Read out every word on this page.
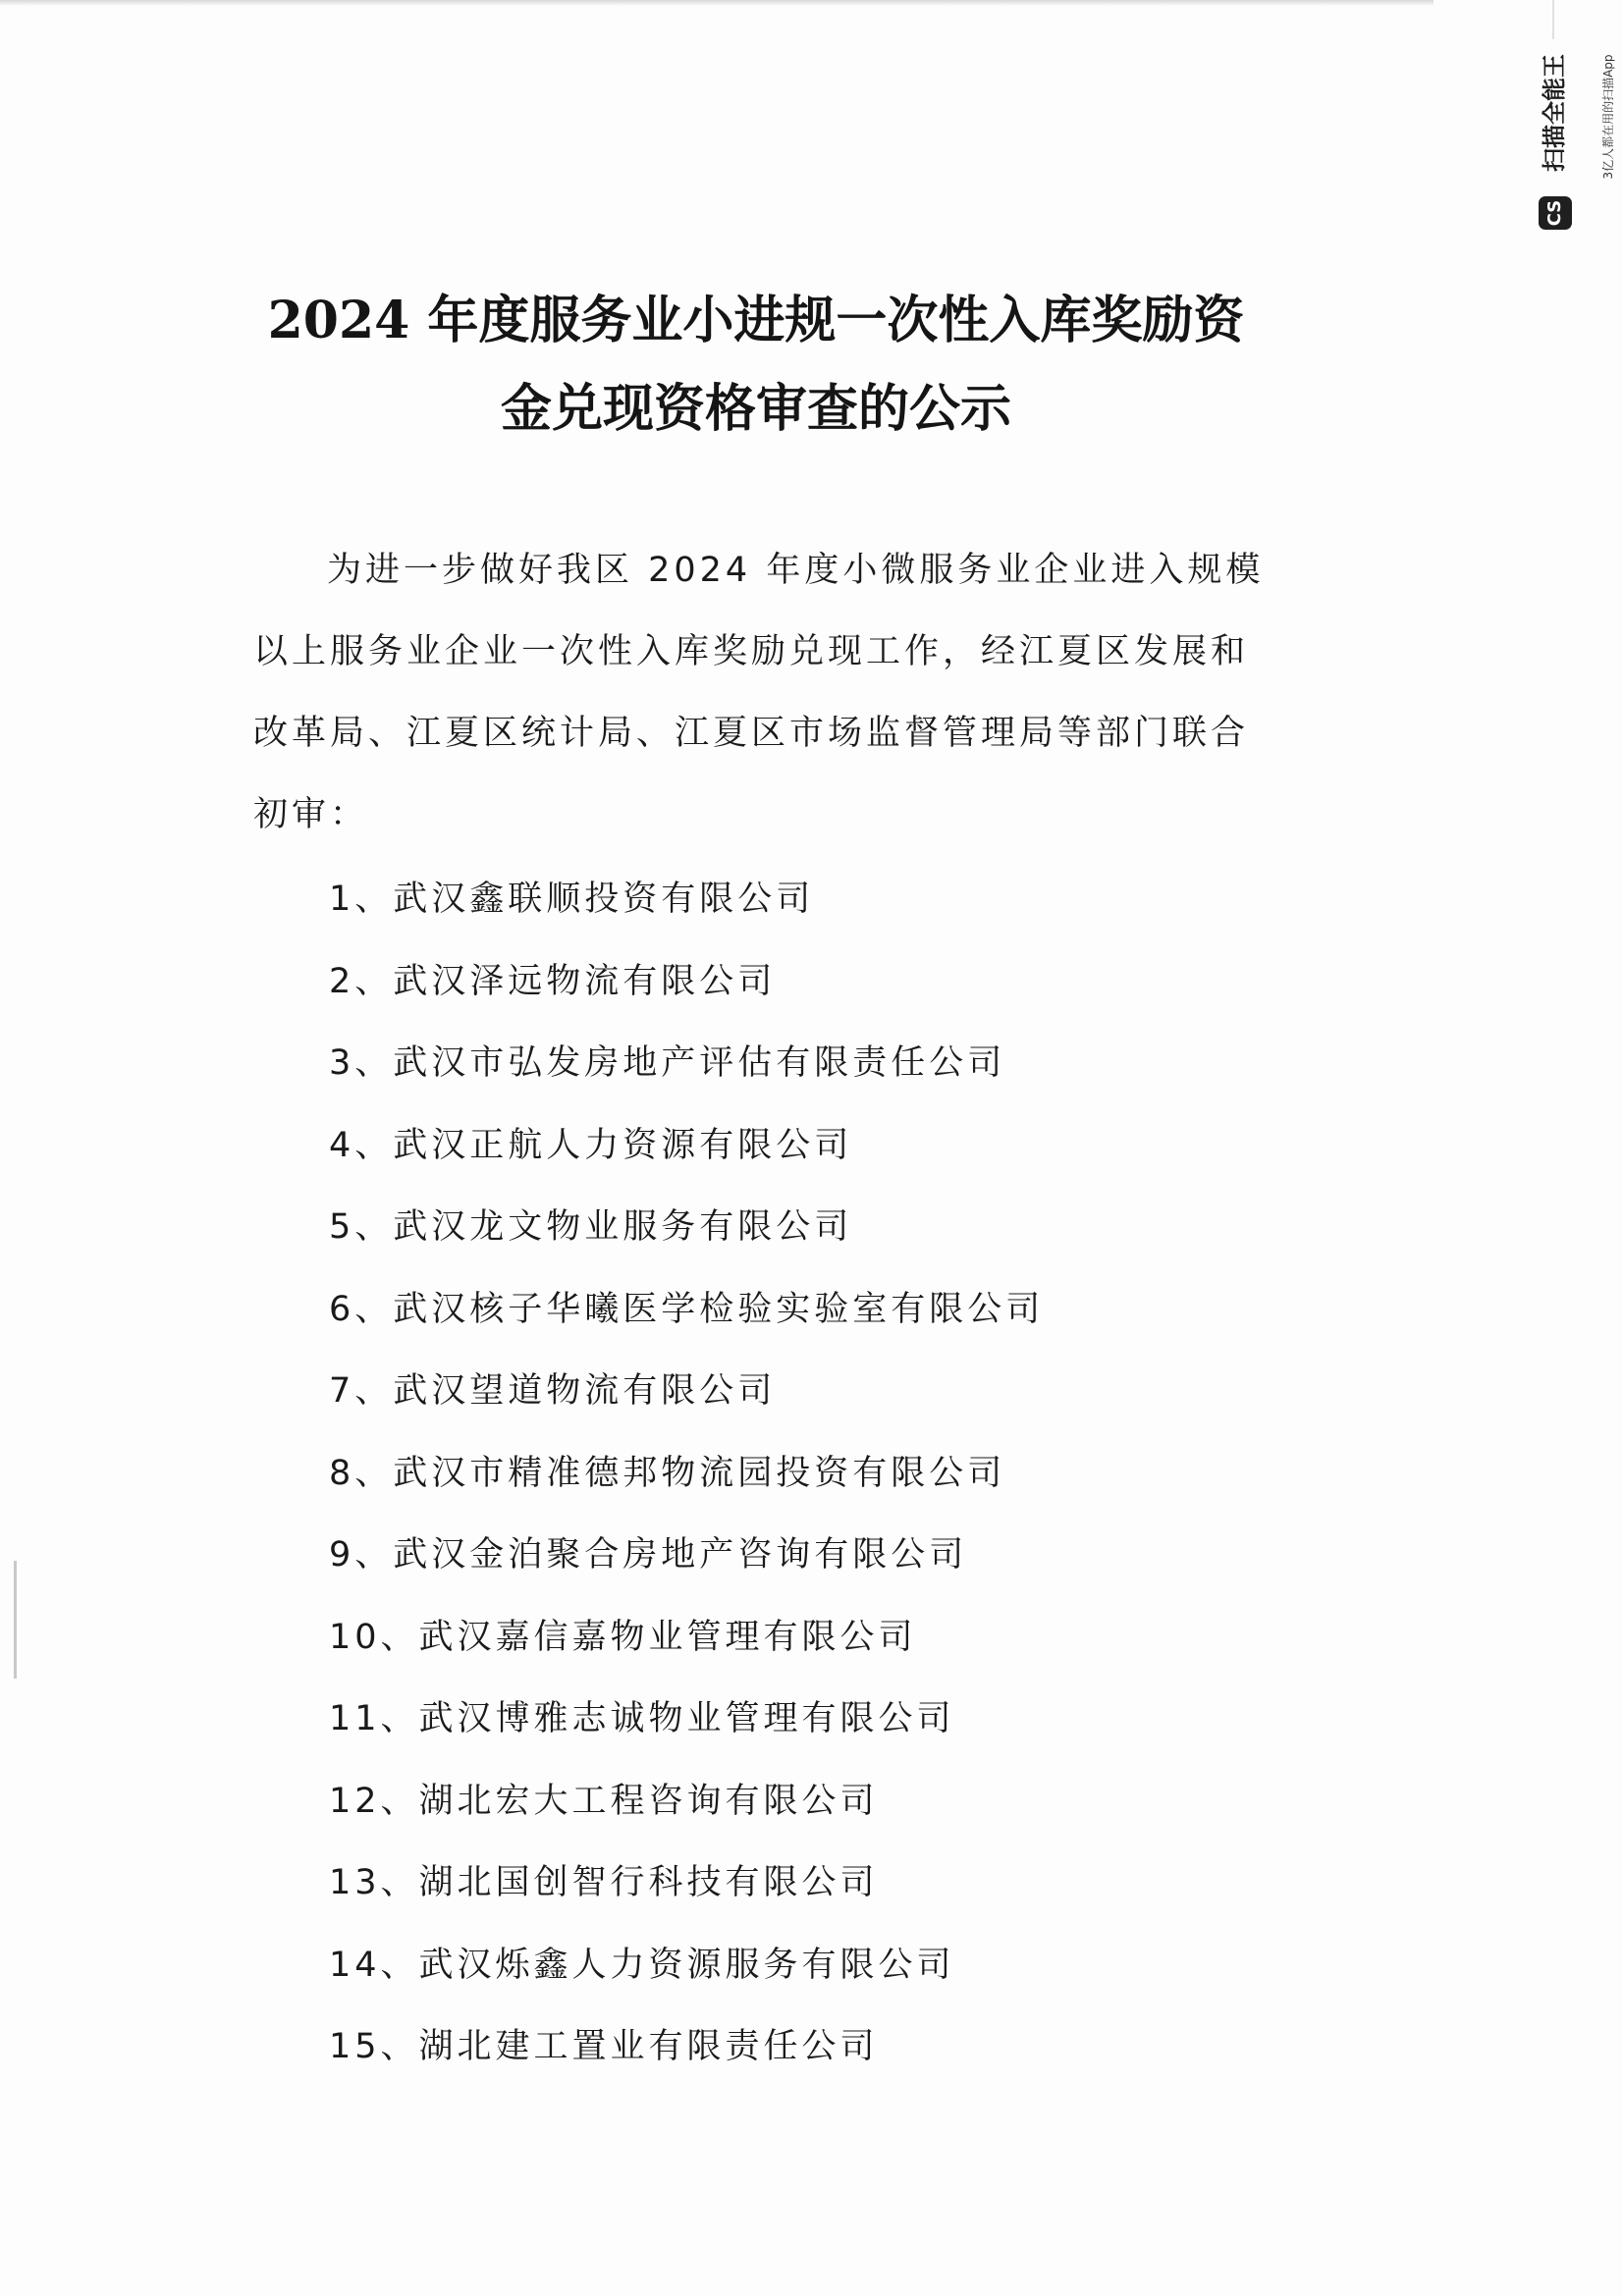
扫描全能王	3亿人都在用的扫描App
CS
2024 年度服务业小进规一次性入库奖励资
金兑现资格审查的公示
为进一步做好我区 2024 年度小微服务业企业进入规模
以上服务业企业一次性入库奖励兑现工作，经江夏区发展和
改革局、江夏区统计局、江夏区市场监督管理局等部门联合
初审：
1、武汉鑫联顺投资有限公司
2、武汉泽远物流有限公司
3、武汉市弘发房地产评估有限责任公司
4、武汉正航人力资源有限公司
5、武汉龙文物业服务有限公司
6、武汉核子华曦医学检验实验室有限公司
7、武汉望道物流有限公司
8、武汉市精准德邦物流园投资有限公司
9、武汉金泊聚合房地产咨询有限公司
10、武汉嘉信嘉物业管理有限公司
11、武汉博雅志诚物业管理有限公司
12、湖北宏大工程咨询有限公司
13、湖北国创智行科技有限公司
14、武汉烁鑫人力资源服务有限公司
15、湖北建工置业有限责任公司
